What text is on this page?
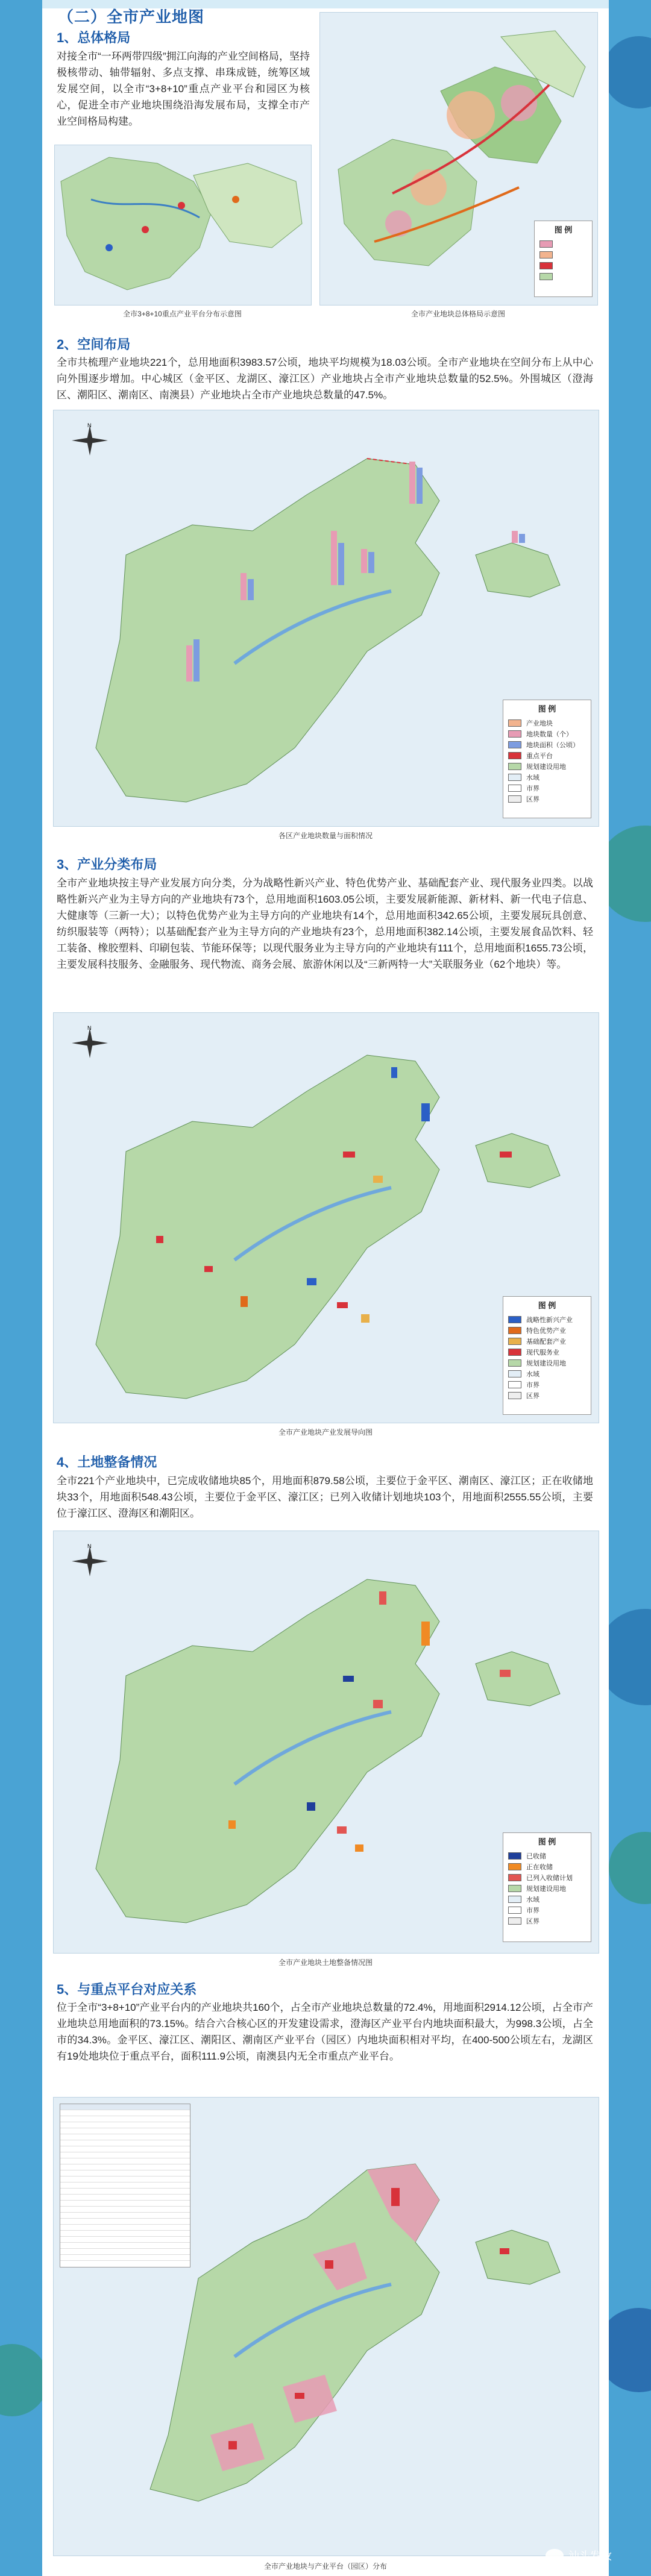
（二）全市产业地图
1、总体格局
对接全市“一环两带四级”拥江向海的产业空间格局，坚持极核带动、轴带辐射、多点支撑、串珠成链，统筹区域发展空间，以全市“3+8+10”重点产业平台和园区为核心，促进全市产业地块围绕沿海发展布局，支撑全市产业空间格局构建。
图 例
全市3+8+10重点产业平台分布示意图	全市产业地块总体格局示意图
2、空间布局
全市共梳理产业地块221个，总用地面积3983.57公顷，地块平均规模为18.03公顷。全市产业地块在空间分布上从中心向外围逐步增加。中心城区（金平区、龙湖区、濠江区）产业地块占全市产业地块总数量的52.5%。外围城区（澄海区、潮阳区、潮南区、南澳县）产业地块占全市产业地块总数量的47.5%。
N
图 例
产业地块
地块数量（个）
地块面积（公顷）
重点平台
规划建设用地
水域
市界
区界
各区产业地块数量与面积情况
3、产业分类布局
全市产业地块按主导产业发展方向分类，分为战略性新兴产业、特色优势产业、基础配套产业、现代服务业四类。以战略性新兴产业为主导方向的产业地块有73个，总用地面积1603.05公顷，主要发展新能源、新材料、新一代电子信息、大健康等（三新一大）；以特色优势产业为主导方向的产业地块有14个，总用地面积342.65公顷，主要发展玩具创意、纺织服装等（两特）；以基础配套产业为主导方向的产业地块有23个，总用地面积382.14公顷，主要发展食品饮料、轻工装备、橡胶塑料、印刷包装、节能环保等；以现代服务业为主导方向的产业地块有111个，总用地面积1655.73公顷，主要发展科技服务、金融服务、现代物流、商务会展、旅游休闲以及“三新两特一大”关联服务业（62个地块）等。
N
图 例
战略性新兴产业
特色优势产业
基础配套产业
现代服务业
规划建设用地
水域
市界
区界
全市产业地块产业发展导向图
4、土地整备情况
全市221个产业地块中，已完成收储地块85个，用地面积879.58公顷，主要位于金平区、潮南区、濠江区；正在收储地块33个，用地面积548.43公顷，主要位于金平区、濠江区；已列入收储计划地块103个，用地面积2555.55公顷，主要位于濠江区、澄海区和潮阳区。
N
图 例
已收储
正在收储
已列入收储计划
规划建设用地
水域
市界
区界
全市产业地块土地整备情况图
5、与重点平台对应关系
位于全市“3+8+10”产业平台内的产业地块共160个，占全市产业地块总数量的72.4%，用地面积2914.12公顷，占全市产业地块总用地面积的73.15%。结合六合核心区的开发建设需求，澄海区产业平台内地块面积最大，为998.3公顷，占全市的34.3%。金平区、濠江区、潮阳区、潮南区产业平台（园区）内地块面积相对平均，在400-500公顷左右，龙湖区有19处地块位于重点平台，面积111.9公顷，南澳县内无全市重点产业平台。
全市产业地块与产业平台（园区）分布
汕头发改
